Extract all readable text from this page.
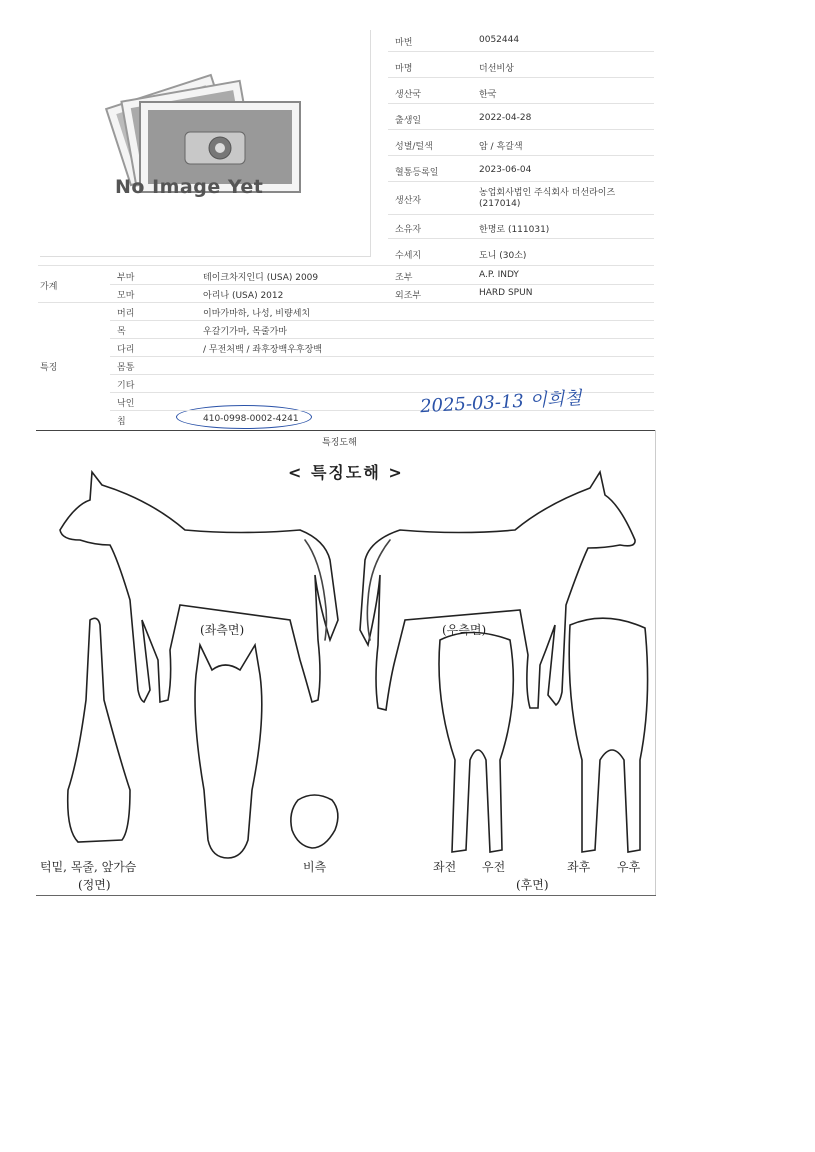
No Image Yet
마번	0052444
마명	더선비상
생산국	한국
출생일	2022-04-28
성별/털색	암 / 흑갈색
혈통등록일	2023-06-04
생산자
농업회사법인 주식회사 더선라이즈
(217014)
소유자	한명로 (111031)
수세지	도니 (30소)
가계
부마	테이크차지인디 (USA) 2009	조부	A.P. INDY
모마	아리나 (USA) 2012	외조부	HARD SPUN
특징
머리	이마가마하, 나성, 비량세치
목	우갈기가마, 목줄가마
다리	/ 무전처백 / 좌후장백우후장백
몸통
기타
낙인
칩	410-0998-0002-4241
2025-03-13 이희철
특징도해
< 특징도해 >
(좌측면)	(우측면)
턱밑, 목줄, 앞가슴
(정면)
비측	좌전 우전	좌후 우후
(후면)
